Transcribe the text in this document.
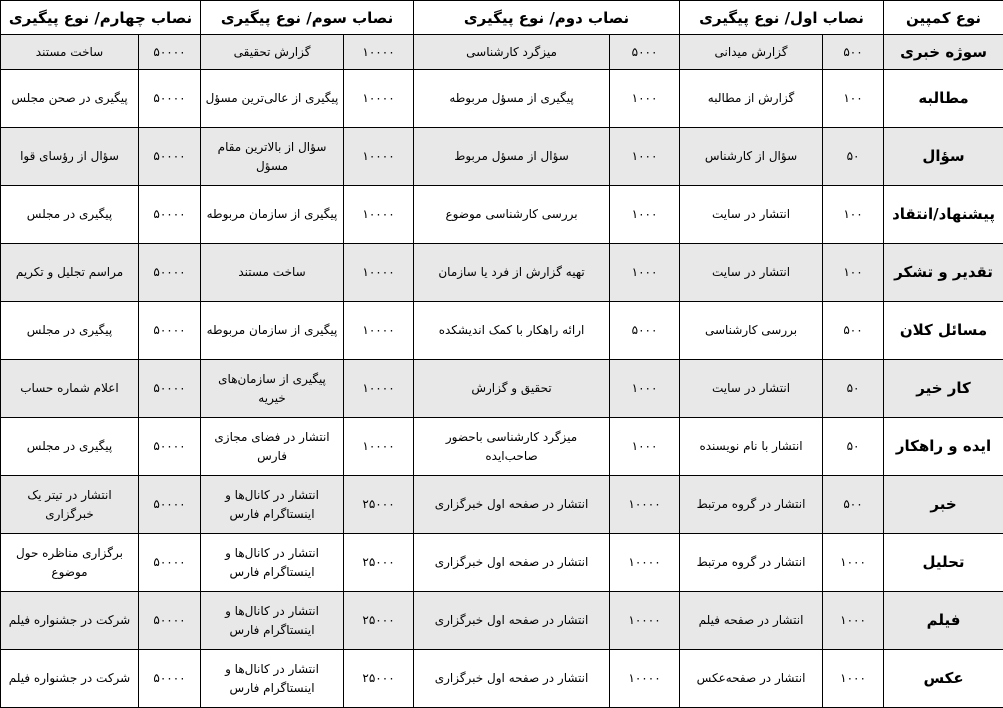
نوع کمپین	نصاب اول/ نوع پیگیری		نصاب دوم/ نوع پیگیری		نصاب سوم/ نوع پیگیری		نصاب چهارم/ نوع پیگیری	
سوژه خبری	۵۰۰	گزارش میدانی	۵۰۰۰	میزگرد کارشناسی	۱۰۰۰۰	گزارش تحقیقی	۵۰۰۰۰	ساخت مستند
مطالبه	۱۰۰	گزارش از مطالبه	۱۰۰۰	پیگیری از مسؤل مربوطه	۱۰۰۰۰	پیگیری از عالی‌ترین مسؤل	۵۰۰۰۰	پیگیری در صحن مجلس
سؤال	۵۰	سؤال از کارشناس	۱۰۰۰	سؤال از مسؤل مربوط	۱۰۰۰۰	سؤال از بالاترین مقام مسؤل	۵۰۰۰۰	سؤال از رؤسای قوا
پیشنهاد/انتقاد	۱۰۰	انتشار در سایت	۱۰۰۰	بررسی کارشناسی موضوع	۱۰۰۰۰	پیگیری از سازمان مربوطه	۵۰۰۰۰	پیگیری در مجلس
تقدیر و تشکر	۱۰۰	انتشار در سایت	۱۰۰۰	تهیه گزارش از فرد یا سازمان	۱۰۰۰۰	ساخت مستند	۵۰۰۰۰	مراسم تجلیل و تکریم
مسائل کلان	۵۰۰	بررسی کارشناسی	۵۰۰۰	ارائه راهکار با کمک اندیشکده	۱۰۰۰۰	پیگیری از سازمان مربوطه	۵۰۰۰۰	پیگیری در مجلس
کار خیر	۵۰	انتشار در سایت	۱۰۰۰	تحقیق و گزارش	۱۰۰۰۰	پیگیری از سازمان‌های خیریه	۵۰۰۰۰	اعلام شماره حساب
ایده و راهکار	۵۰	انتشار با نام نویسنده	۱۰۰۰	میزگرد کارشناسی باحضور صاحب‌ایده	۱۰۰۰۰	انتشار در فضای مجازی فارس	۵۰۰۰۰	پیگیری در مجلس
خبر	۵۰۰	انتشار در گروه مرتبط	۱۰۰۰۰	انتشار در صفحه اول خبرگزاری	۲۵۰۰۰	انتشار در کانال‌ها و اینستاگرام فارس	۵۰۰۰۰	انتشار در تیتر یک خبرگزاری
تحلیل	۱۰۰۰	انتشار در گروه مرتبط	۱۰۰۰۰	انتشار در صفحه اول خبرگزاری	۲۵۰۰۰	انتشار در کانال‌ها و اینستاگرام فارس	۵۰۰۰۰	برگزاری مناظره حول موضوع
فیلم	۱۰۰۰	انتشار در صفحه فیلم	۱۰۰۰۰	انتشار در صفحه اول خبرگزاری	۲۵۰۰۰	انتشار در کانال‌ها و اینستاگرام فارس	۵۰۰۰۰	شرکت در جشنواره فیلم
عکس	۱۰۰۰	انتشار در صفحه‌عکس	۱۰۰۰۰	انتشار در صفحه اول خبرگزاری	۲۵۰۰۰	انتشار در کانال‌ها و اینستاگرام فارس	۵۰۰۰۰	شرکت در جشنواره فیلم
